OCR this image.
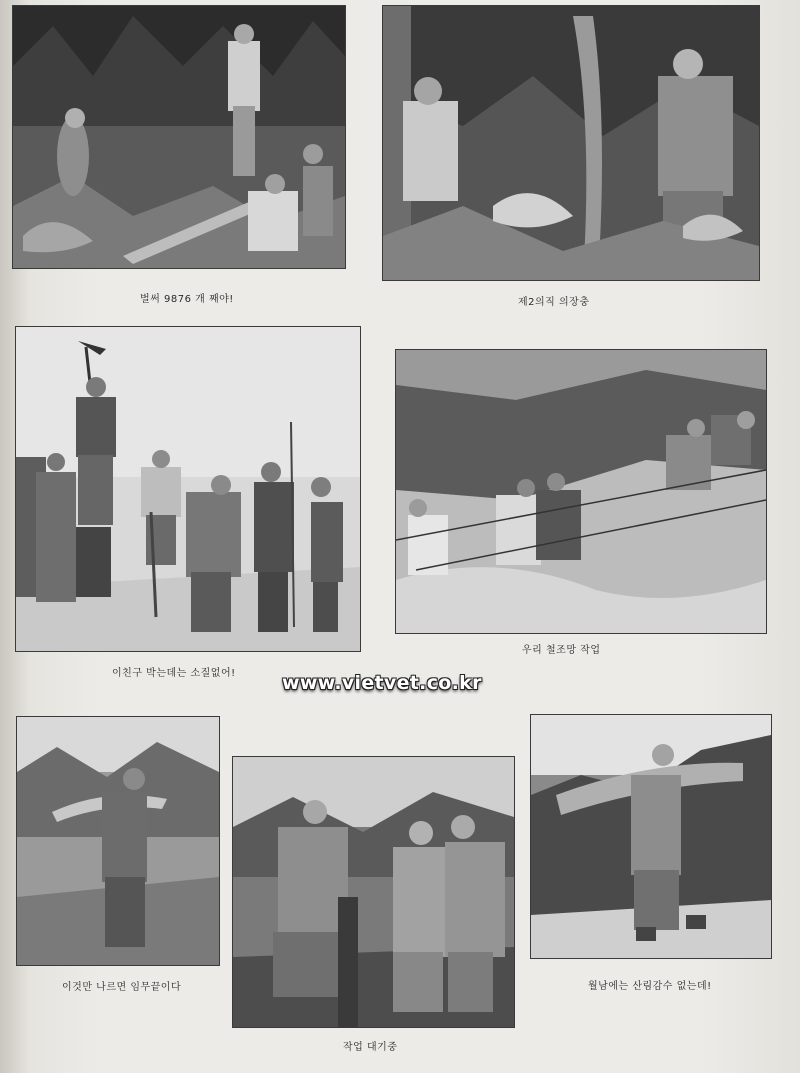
벌써 9876 개 째야!	제2의직 의장충
이친구 박는데는 소질없어!
우리 철조망 작업
www.vietvet.co.kr
이것만 나르면 임무끝이다
작업 대기중
월남에는 산림감수 없는데!
